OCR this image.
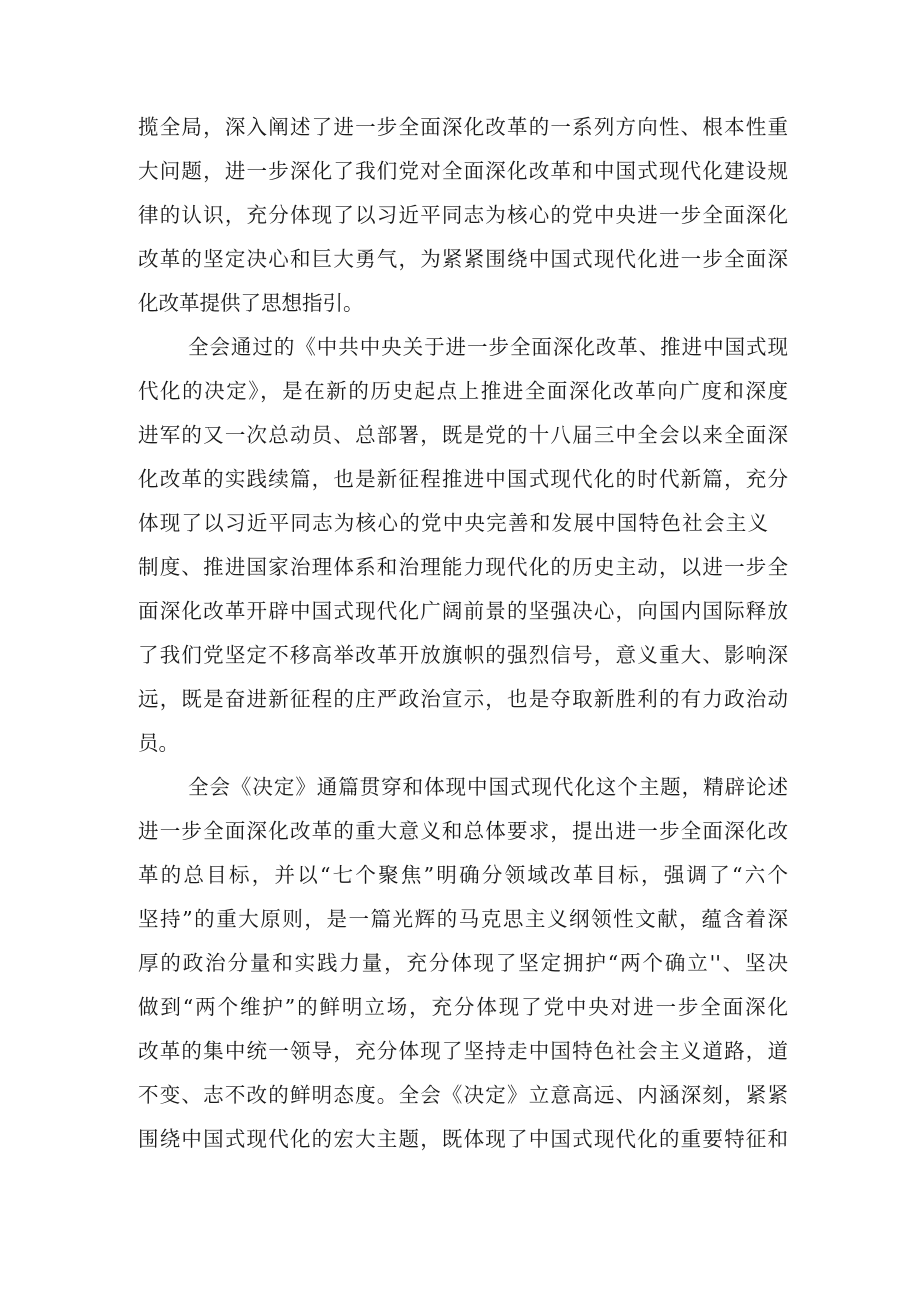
揽全局，深入阐述了进一步全面深化改革的一系列方向性、根本性重
大问题，进一步深化了我们党对全面深化改革和中国式现代化建设规
律的认识，充分体现了以习近平同志为核心的党中央进一步全面深化
改革的坚定决心和巨大勇气，为紧紧围绕中国式现代化进一步全面深
化改革提供了思想指引。
全会通过的《中共中央关于进一步全面深化改革、推进中国式现
代化的决定》，是在新的历史起点上推进全面深化改革向广度和深度
进军的又一次总动员、总部署，既是党的十八届三中全会以来全面深
化改革的实践续篇，也是新征程推进中国式现代化的时代新篇，充分
体现了以习近平同志为核心的党中央完善和发展中国特色社会主义
制度、推进国家治理体系和治理能力现代化的历史主动，以进一步全
面深化改革开辟中国式现代化广阔前景的坚强决心，向国内国际释放
了我们党坚定不移高举改革开放旗帜的强烈信号，意义重大、影响深
远，既是奋进新征程的庄严政治宣示，也是夺取新胜利的有力政治动
员。
全会《决定》通篇贯穿和体现中国式现代化这个主题，精辟论述
进一步全面深化改革的重大意义和总体要求，提出进一步全面深化改
革的总目标，并以“七个聚焦”明确分领域改革目标，强调了“六个
坚持”的重大原则，是一篇光辉的马克思主义纲领性文献，蕴含着深
厚的政治分量和实践力量，充分体现了坚定拥护“两个确立''、坚决
做到“两个维护”的鲜明立场，充分体现了党中央对进一步全面深化
改革的集中统一领导，充分体现了坚持走中国特色社会主义道路，道
不变、志不改的鲜明态度。全会《决定》立意高远、内涵深刻，紧紧
围绕中国式现代化的宏大主题，既体现了中国式现代化的重要特征和
